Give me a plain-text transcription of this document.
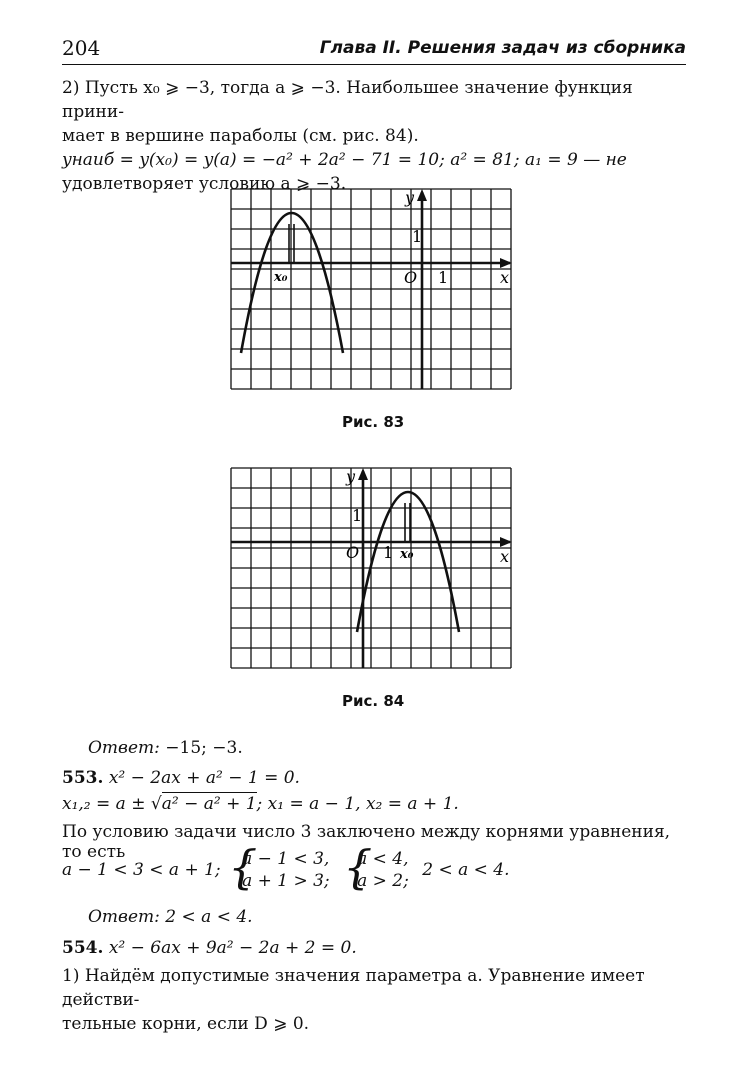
204	Глава II. Решения задач из сборника
2) Пусть x₀ ⩾ −3, тогда a ⩾ −3. Наибольшее значение функция прини-
мает в вершине параболы (см. рис. 84).
yнаиб = y(x₀) = y(a) = −a² + 2a² − 71 = 10; a² = 81; a₁ = 9 — не
удовлетворяет условию a ⩾ −3.
y
1
O 1	x
x₀
Рис. 83
y
1
O 1	x
x₀
Рис. 84
Ответ: −15; −3.
553. x² − 2ax + a² − 1 = 0.
x₁,₂ = a ± √a² − a² + 1; x₁ = a − 1, x₂ = a + 1.
По условию задачи число 3 заключено между корнями уравнения, то есть
a − 1 < 3 < a + 1; {
a − 1 < 3,
a + 1 > 3;
{
a < 4,
a > 2;
2 < a < 4.
Ответ: 2 < a < 4.
554. x² − 6ax + 9a² − 2a + 2 = 0.
1) Найдём допустимые значения параметра a. Уравнение имеет действи-
тельные корни, если D ⩾ 0.
